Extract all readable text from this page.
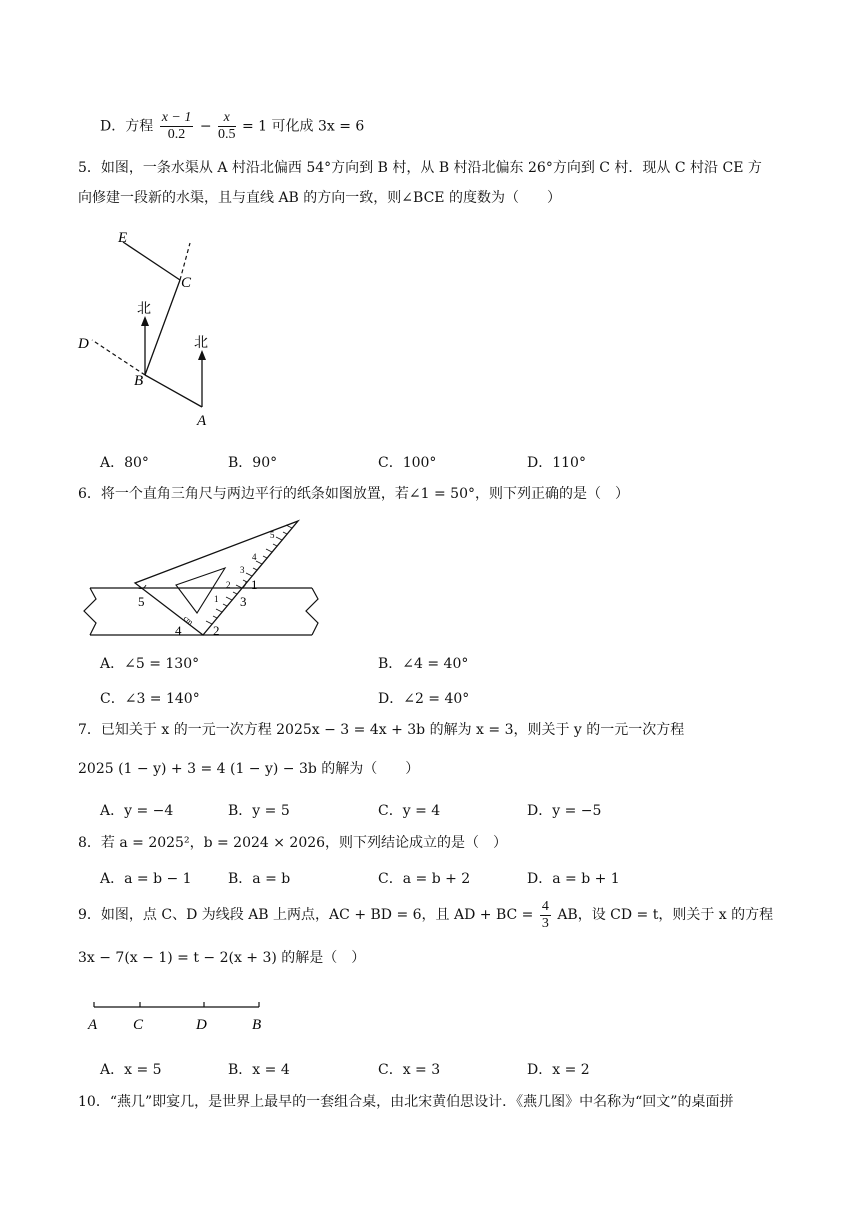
D．方程 $\frac{x - 1}{0.2} - \frac{x}{0.5} = 1$ 可化成 3x = 6
5．如图，一条水渠从 A 村沿北偏西 54°方向到 B 村，从 B 村沿北偏东 26°方向到 C 村．现从 C 村沿 CE 方
向修建一段新的水渠，且与直线 AB 的方向一致，则∠BCE 的度数为（　　）
E
C
D
B
A
北
北
A．80°	B．90°	C．100°	D．110°
6．将一个直角三角尺与两边平行的纸条如图放置，若∠1 = 50°，则下列正确的是（　）
5
4
3
2
1
cm
1
2
3
4
5
A．∠5 = 130°	B．∠4 = 40°
C．∠3 = 140°	D．∠2 = 40°
7．已知关于 x 的一元一次方程 2025x − 3 = 4x + 3b 的解为 x = 3，则关于 y 的一元一次方程
2025 (1 − y) + 3 = 4 (1 − y) − 3b 的解为（　　）
A．y = −4	B．y = 5	C．y = 4	D．y = −5
8．若 a = 2025²，b = 2024 × 2026，则下列结论成立的是（　）
A．a = b − 1	B．a = b	C．a = b + 2	D．a = b + 1
9．如图，点 C、D 为线段 AB 上两点，AC + BD = 6，且 AD + BC = $\frac{4}{3}$ AB，设 CD = t，则关于 x 的方程
3x − 7(x − 1) = t − 2(x + 3) 的解是（　）
A C	D	B
A．x = 5	B．x = 4	C．x = 3	D．x = 2
10．“燕几”即宴几，是世界上最早的一套组合桌，由北宋黄伯思设计．《燕几图》中名称为“回文”的桌面拼
